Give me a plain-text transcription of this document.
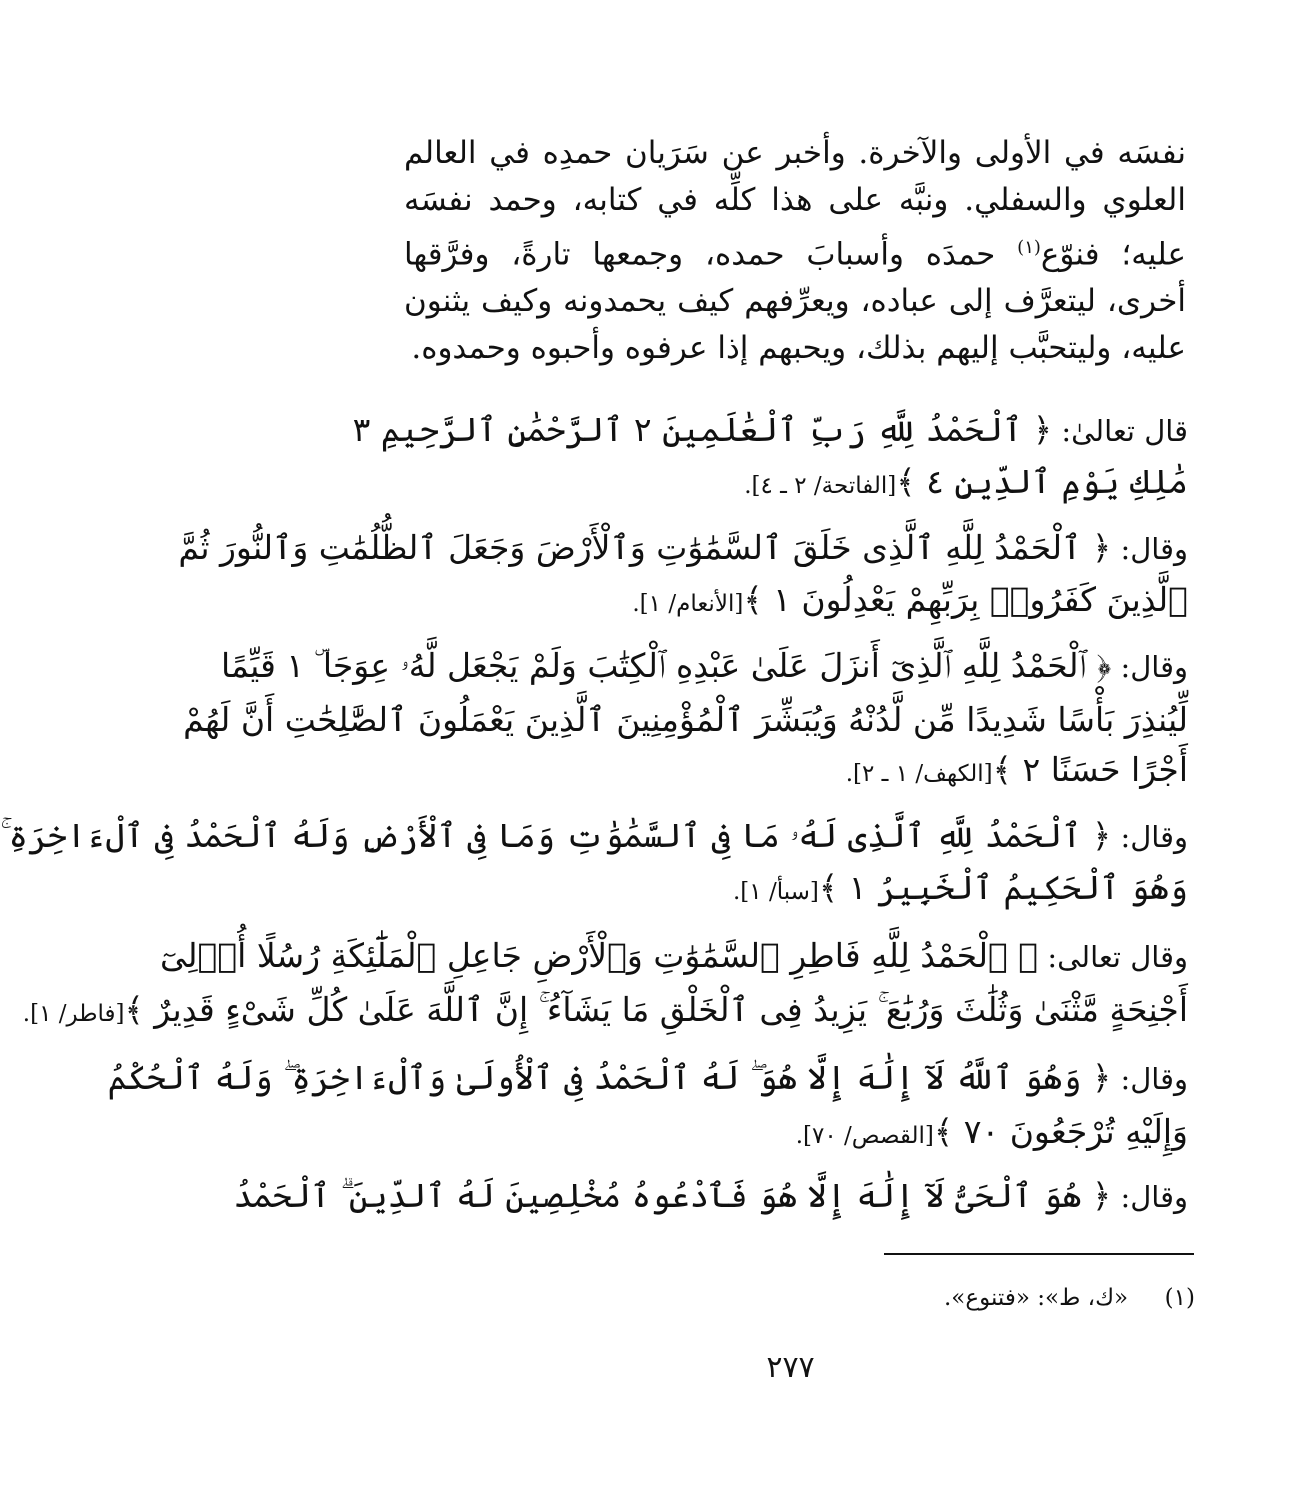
نفسَه في الأولى والآخرة. وأخبر عن سَرَيان حمدِه في العالم العلوي والسفلي. ونبَّه على هذا كلِّه في كتابه، وحمد نفسَه عليه؛ فنوّع$^{(١)}$ حمدَه وأسبابَ حمده، وجمعها تارةً، وفرَّقها أخرى، ليتعرَّف إلى عباده، ويعرِّفهم كيف يحمدونه وكيف يثنون عليه، وليتحبَّب إليهم بذلك، ويحبهم إذا عرفوه وأحبوه وحمدوه.
قال تعالىٰ: ﴿ ٱلْحَمْدُ لِلَّهِ رَبِّ ٱلْعَٰلَمِينَ ٢ ٱلرَّحْمَٰنِ ٱلرَّحِيمِ ٣
مَٰلِكِ يَوْمِ ٱلدِّينِ ٤ ﴾[الفاتحة/ ٢ ـ ٤].
وقال: ﴿ ٱلْحَمْدُ لِلَّهِ ٱلَّذِى خَلَقَ ٱلسَّمَٰوَٰتِ وَٱلْأَرْضَ وَجَعَلَ ٱلظُّلُمَٰتِ وَٱلنُّورَ ثُمَّ
ٱلَّذِينَ كَفَرُوا۟ بِرَبِّهِمْ يَعْدِلُونَ ١ ﴾[الأنعام/ ١].
وقال: ﴿ ٱلْحَمْدُ لِلَّهِ ٱلَّذِىٓ أَنزَلَ عَلَىٰ عَبْدِهِ ٱلْكِتَٰبَ وَلَمْ يَجْعَل لَّهُۥ عِوَجَا ۜ ١ قَيِّمًا
لِّيُنذِرَ بَأْسًا شَدِيدًا مِّن لَّدُنْهُ وَيُبَشِّرَ ٱلْمُؤْمِنِينَ ٱلَّذِينَ يَعْمَلُونَ ٱلصَّٰلِحَٰتِ أَنَّ لَهُمْ
أَجْرًا حَسَنًا ٢ ﴾[الكهف/ ١ ـ ٢].
وقال: ﴿ ٱلْحَمْدُ لِلَّهِ ٱلَّذِى لَهُۥ مَا فِى ٱلسَّمَٰوَٰتِ وَمَا فِى ٱلْأَرْضِ وَلَهُ ٱلْحَمْدُ فِى ٱلْءَاخِرَةِ ۚ
وَهُوَ ٱلْحَكِيمُ ٱلْخَبِيرُ ١ ﴾[سبأ/ ١].
وقال تعالى: ﴿ ٱلْحَمْدُ لِلَّهِ فَاطِرِ ٱلسَّمَٰوَٰتِ وَٱلْأَرْضِ جَاعِلِ ٱلْمَلَٰٓئِكَةِ رُسُلًا أُو۟لِىٓ
أَجْنِحَةٍ مَّثْنَىٰ وَثُلَٰثَ وَرُبَٰعَ ۚ يَزِيدُ فِى ٱلْخَلْقِ مَا يَشَآءُ ۚ إِنَّ ٱللَّهَ عَلَىٰ كُلِّ شَىْءٍ قَدِيرٌ ﴾[فاطر/ ١].
وقال: ﴿ وَهُوَ ٱللَّهُ لَآ إِلَٰهَ إِلَّا هُوَ ۖ لَهُ ٱلْحَمْدُ فِى ٱلْأُولَىٰ وَٱلْءَاخِرَةِ ۖ وَلَهُ ٱلْحُكْمُ
وَإِلَيْهِ تُرْجَعُونَ ٧٠ ﴾[القصص/ ٧٠].
وقال: ﴿ هُوَ ٱلْحَىُّ لَآ إِلَٰهَ إِلَّا هُوَ فَٱدْعُوهُ مُخْلِصِينَ لَهُ ٱلدِّينَ ۗ ٱلْحَمْدُ
(١)     «ك، ط»: «فتنوع».
٢٧٧
